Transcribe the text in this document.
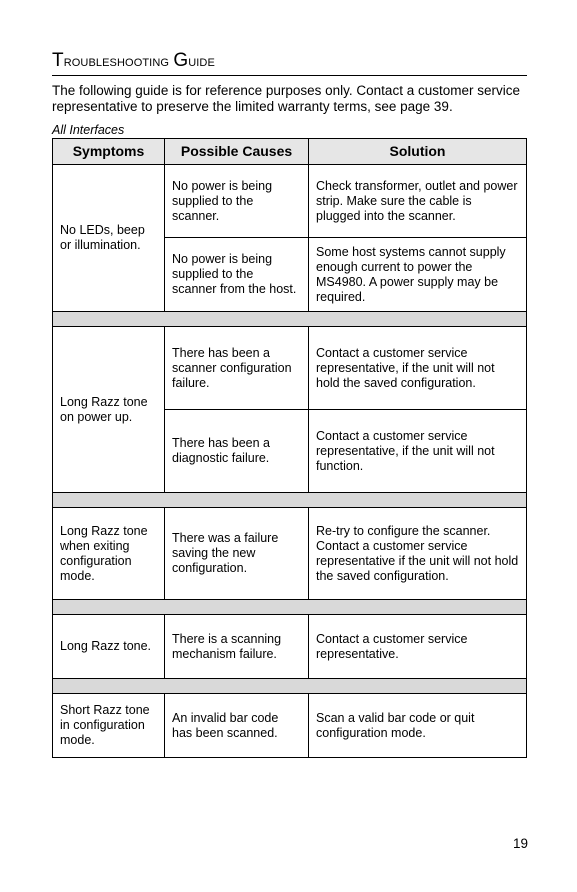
Troubleshooting Guide

The following guide is for reference purposes only. Contact a customer service representative to preserve the limited warranty terms, see page 39.

All Interfaces
Symptoms	Possible Causes	Solution
No LEDs, beep or illumination.	No power is being supplied to the scanner.	Check transformer, outlet and power strip. Make sure the cable is plugged into the scanner.
	No power is being supplied to the scanner from the host.	Some host systems cannot supply enough current to power the MS4980. A power supply may be required.

Long Razz tone on power up.	There has been a scanner configuration failure.	Contact a customer service representative, if the unit will not hold the saved configuration.
	There has been a diagnostic failure.	Contact a customer service representative, if the unit will not function.

Long Razz tone when exiting configuration mode.	There was a failure saving the new configuration.	Re-try to configure the scanner. Contact a customer service representative if the unit will not hold the saved configuration.

Long Razz tone.	There is a scanning mechanism failure.	Contact a customer service representative.

Short Razz tone in configuration mode.	An invalid bar code has been scanned.	Scan a valid bar code or quit configuration mode.
19
